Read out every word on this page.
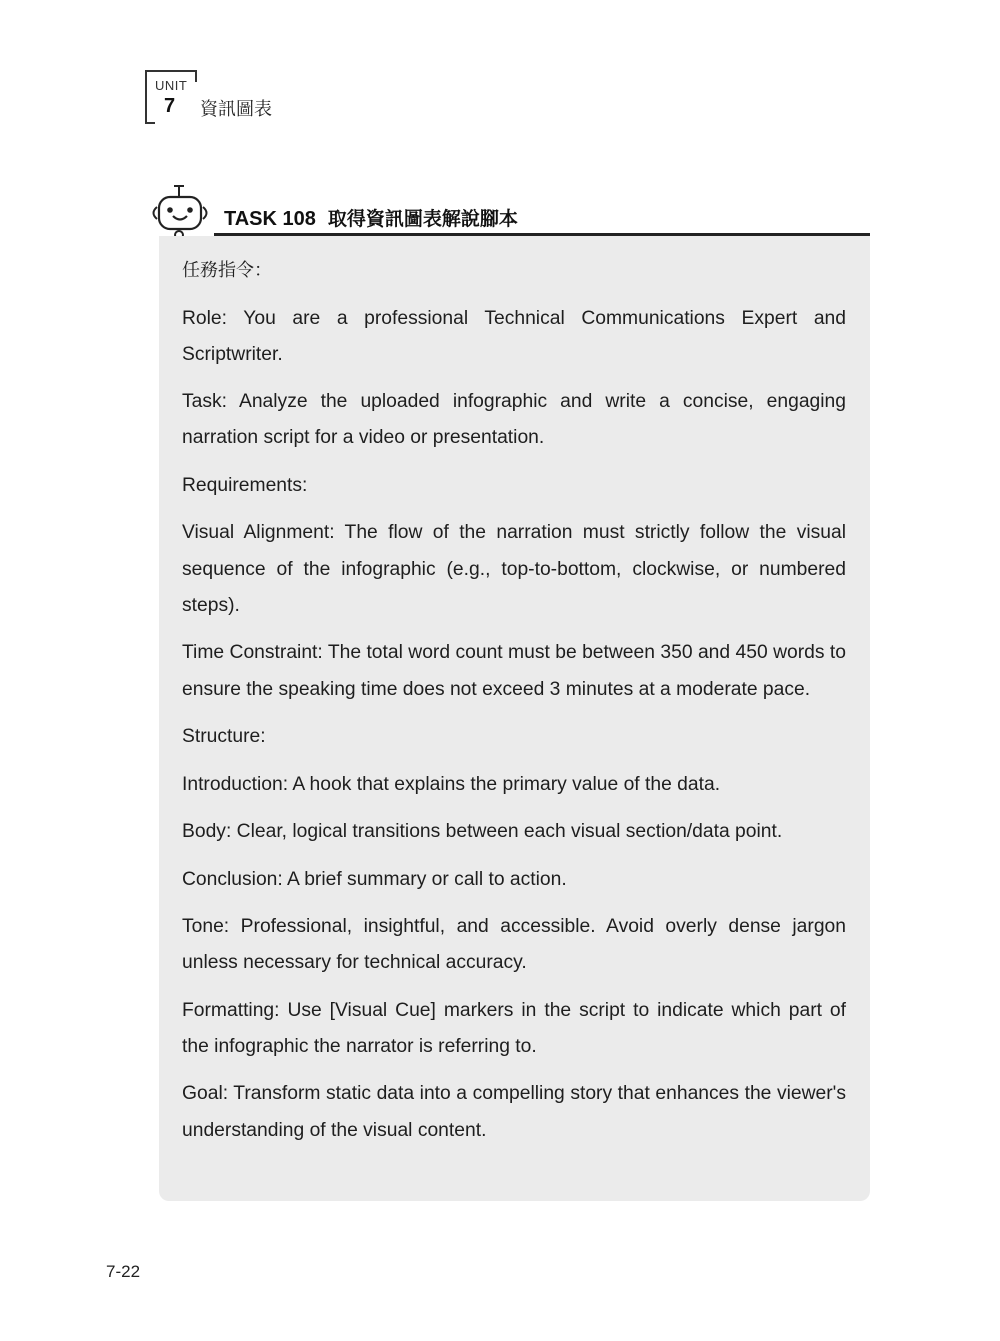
UNIT
7 資訊圖表
TASK 108 取得資訊圖表解說腳本

任務指令：

Role: You are a professional Technical Communications Expert and Scriptwriter.

Task: Analyze the uploaded infographic and write a concise, engaging narration script for a video or presentation.

Requirements:

Visual Alignment: The flow of the narration must strictly follow the visual sequence of the infographic (e.g., top-to-bottom, clockwise, or numbered steps).

Time Constraint: The total word count must be between 350 and 450 words to ensure the speaking time does not exceed 3 minutes at a moderate pace.

Structure:

Introduction: A hook that explains the primary value of the data.

Body: Clear, logical transitions between each visual section/data point.

Conclusion: A brief summary or call to action.

Tone: Professional, insightful, and accessible. Avoid overly dense jargon unless necessary for technical accuracy.

Formatting: Use [Visual Cue] markers in the script to indicate which part of the infographic the narrator is referring to.

Goal: Transform static data into a compelling story that enhances the viewer's understanding of the visual content.

7-22
